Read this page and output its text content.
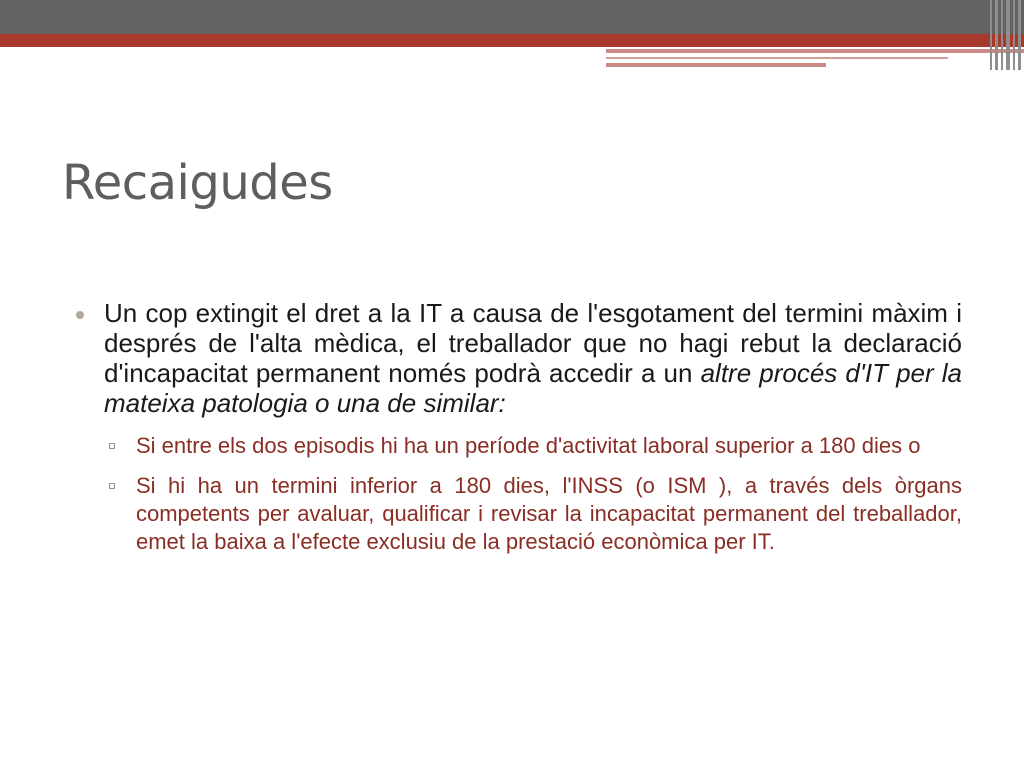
Recaigudes

Un cop extingit el dret a la IT a causa de l'esgotament del termini màxim i després de l'alta mèdica, el treballador que no hagi rebut la declaració d'incapacitat permanent només podrà accedir a un altre procés d'IT per la mateixa patologia o una de similar:

Si entre els dos episodis hi ha un període d'activitat laboral superior a 180 dies o

Si hi ha un termini inferior a 180 dies, l'INSS (o ISM ), a través dels òrgans competents per avaluar, qualificar i revisar la incapacitat permanent del treballador, emet la baixa a l'efecte exclusiu de la prestació econòmica per IT.
